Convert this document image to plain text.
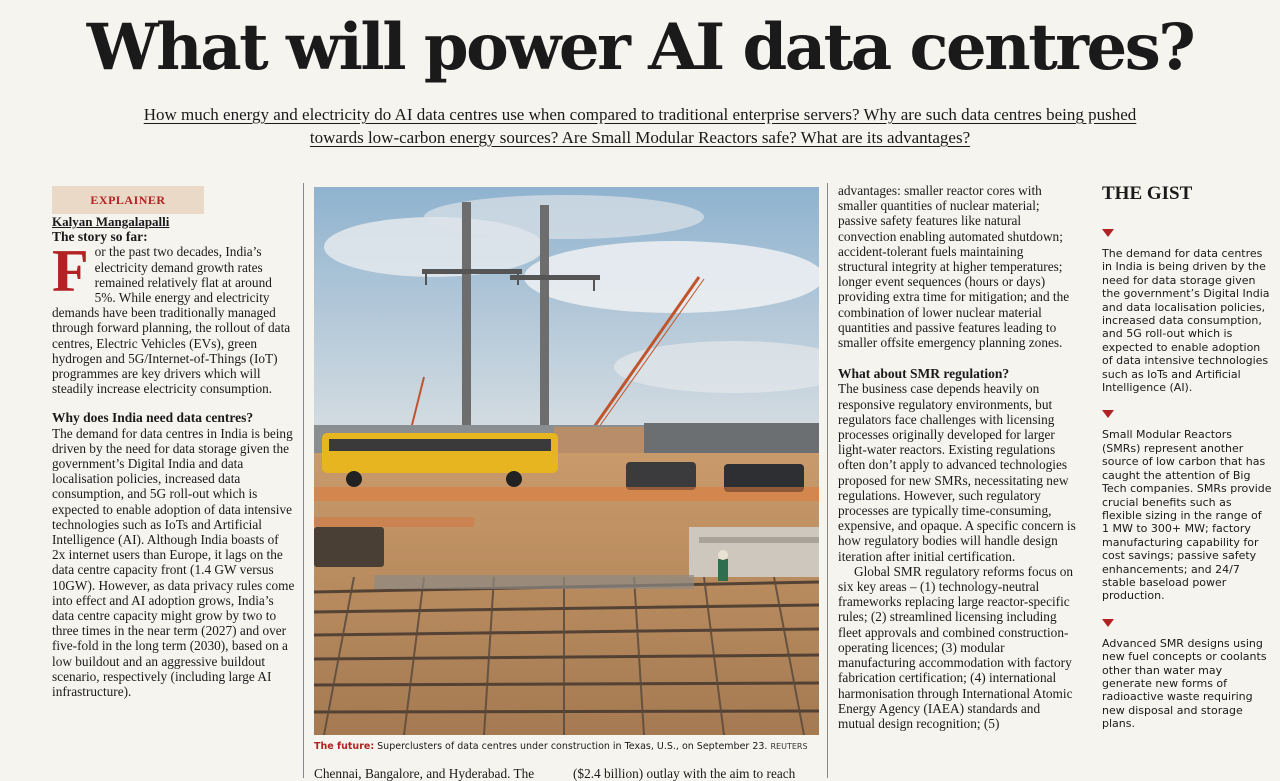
What will power AI data centres?

How much energy and electricity do AI data centres use when compared to traditional enterprise servers? Why are such data centres being pushed
towards low-carbon energy sources? Are Small Modular Reactors safe? What are its advantages?

EXPLAINER

Kalyan Mangalapalli

The story so far:

For the past two decades, India’s electricity demand growth rates remained relatively flat at around 5%. While energy and electricity demands have been traditionally managed through forward planning, the rollout of data centres, Electric Vehicles (EVs), green hydrogen and 5G/Internet-of-Things (IoT) programmes are key drivers which will steadily increase electricity consumption.

Why does India need data centres?

The demand for data centres in India is being driven by the need for data storage given the government’s Digital India and data localisation policies, increased data consumption, and 5G roll-out which is expected to enable adoption of data intensive technologies such as IoTs and Artificial Intelligence (AI). Although India boasts of 2x internet users than Europe, it lags on the data centre capacity front (1.4 GW versus 10GW). However, as data privacy rules come into effect and AI adoption grows, India’s data centre capacity might grow by two to three times in the near term (2027) and over five-fold in the long term (2030), based on a low buildout and an aggressive buildout scenario, respectively (including large AI infrastructure).

The future: Superclusters of data centres under construction in Texas, U.S., on September 23. REUTERS

advantages: smaller reactor cores with smaller quantities of nuclear material; passive safety features like natural convection enabling automated shutdown; accident-tolerant fuels maintaining structural integrity at higher temperatures; longer event sequences (hours or days) providing extra time for mitigation; and the combination of lower nuclear material quantities and passive features leading to smaller offsite emergency planning zones.

What about SMR regulation?

The business case depends heavily on responsive regulatory environments, but regulators face challenges with licensing processes originally developed for larger light-water reactors. Existing regulations often don’t apply to advanced technologies proposed for new SMRs, necessitating new regulations. However, such regulatory processes are typically time-consuming, expensive, and opaque. A specific concern is how regulatory bodies will handle design iteration after initial certification.

Global SMR regulatory reforms focus on six key areas – (1) technology-neutral frameworks replacing large reactor-specific rules; (2) streamlined licensing including fleet approvals and combined construction-operating licences; (3) modular manufacturing accommodation with factory fabrication certification; (4) international harmonisation through International Atomic Energy Agency (IAEA) standards and mutual design recognition; (5)

THE GIST

The demand for data centres in India is being driven by the need for data storage given the government’s Digital India and data localisation policies, increased data consumption, and 5G roll-out which is expected to enable adoption of data intensive technologies such as IoTs and Artificial Intelligence (AI).

Small Modular Reactors (SMRs) represent another source of low carbon that has caught the attention of Big Tech companies. SMRs provide crucial benefits such as flexible sizing in the range of 1 MW to 300+ MW; factory manufacturing capability for cost savings; passive safety enhancements; and 24/7 stable baseload power production.

Advanced SMR designs using new fuel concepts or coolants other than water may generate new forms of radioactive waste requiring new disposal and storage plans.

Chennai, Bangalore, and Hyderabad. The	($2.4 billion) outlay with the aim to reach
